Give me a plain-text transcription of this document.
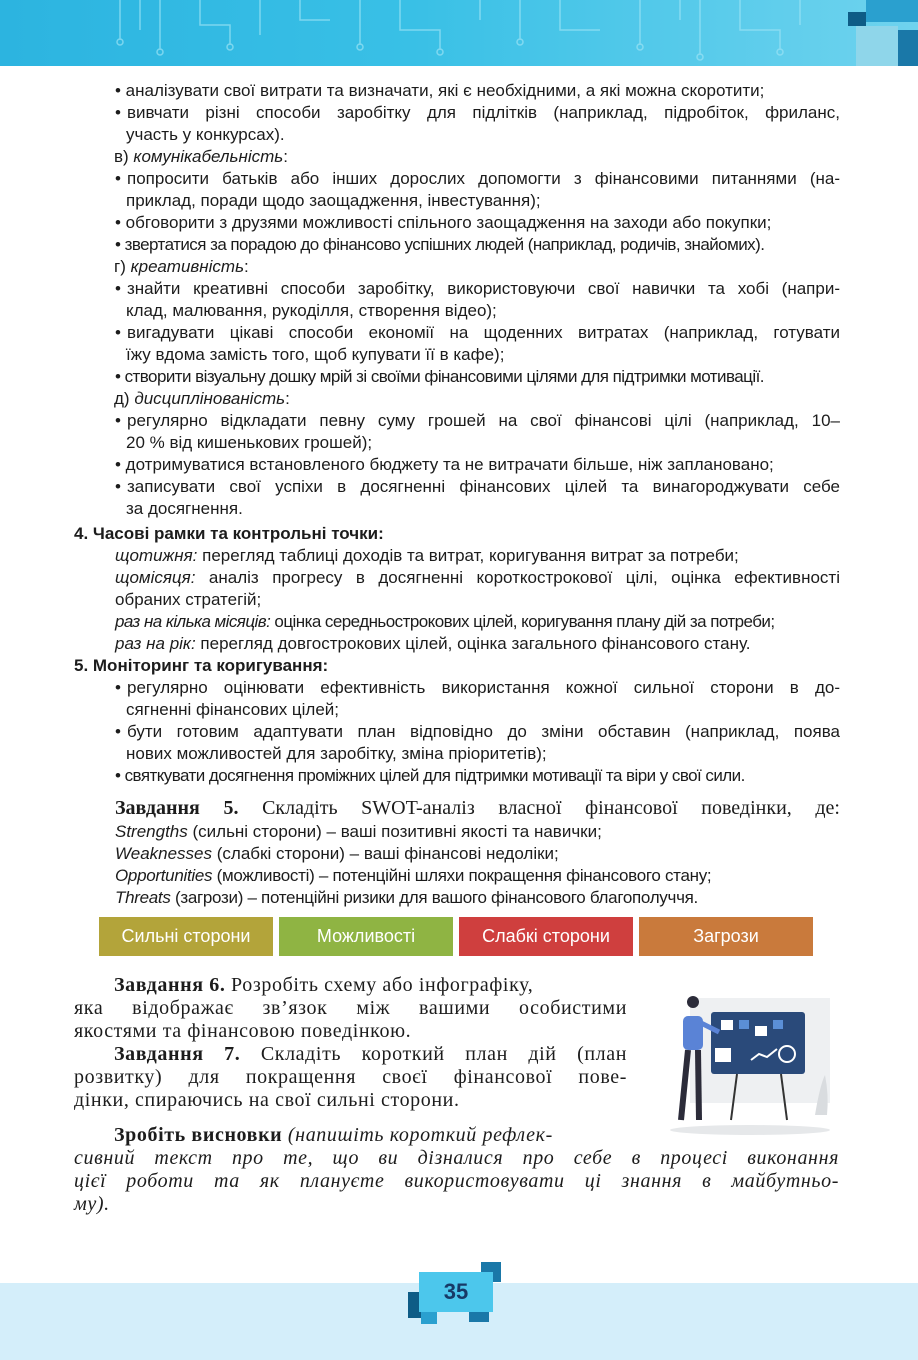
• аналізувати свої витрати та визначати, які є необхідними, а які можна скоротити;
• вивчати різні способи заробітку для підлітків (наприклад, підробіток, фриланс,
участь у конкурсах).
в) комунікабельність:
• попросити батьків або інших дорослих допомогти з фінансовими питаннями (на-
приклад, поради щодо заощадження, інвестування);
• обговорити з друзями можливості спільного заощадження на заходи або покупки;
• звертатися за порадою до фінансово успішних людей (наприклад, родичів, знайомих).
г) креативність:
• знайти креативні способи заробітку, використовуючи свої навички та хобі (напри-
клад, малювання, рукоділля, створення відео);
• вигадувати цікаві способи економії на щоденних витратах (наприклад, готувати
їжу вдома замість того, щоб купувати її в кафе);
• створити візуальну дошку мрій зі своїми фінансовими цілями для підтримки мотивації.
д) дисциплінованість:
• регулярно відкладати певну суму грошей на свої фінансові цілі (наприклад, 10–
20 % від кишенькових грошей);
• дотримуватися встановленого бюджету та не витрачати більше, ніж заплановано;
• записувати свої успіхи в досягненні фінансових цілей та винагороджувати себе
за досягнення.
4. Часові рамки та контрольні точки:
щотижня: перегляд таблиці доходів та витрат, коригування витрат за потреби;
щомісяця: аналіз прогресу в досягненні короткострокової цілі, оцінка ефективності
обраних стратегій;
раз на кілька місяців: оцінка середньострокових цілей, коригування плану дій за потреби;
раз на рік: перегляд довгострокових цілей, оцінка загального фінансового стану.
5. Моніторинг та коригування:
• регулярно оцінювати ефективність використання кожної сильної сторони в до-
сягненні фінансових цілей;
• бути готовим адаптувати план відповідно до зміни обставин (наприклад, поява
нових можливостей для заробітку, зміна пріоритетів);
• святкувати досягнення проміжних цілей для підтримки мотивації та віри у свої сили.
Завдання 5. Складіть SWOT-аналіз власної фінансової поведінки, де:
Strengths (сильні сторони) – ваші позитивні якості та навички;
Weaknesses (слабкі сторони) – ваші фінансові недоліки;
Opportunities (можливості) – потенційні шляхи покращення фінансового стану;
Threats (загрози) – потенційні ризики для вашого фінансового благополуччя.
Сильні сторони	Можливості	Слабкі сторони	Загрози
Завдання 6. Розробіть схему або інфографіку,
яка відображає зв’язок між вашими особистими
якостями та фінансовою поведінкою.
Завдання 7. Складіть короткий план дій (план
розвитку) для покращення своєї фінансової пове-
дінки, спираючись на свої сильні сторони.
Зробіть висновки (напишіть короткий рефлек-
сивний текст про те, що ви дізналися про себе в процесі виконання
цієї роботи та як плануєте використовувати ці знання в майбутньо-
му).
35
